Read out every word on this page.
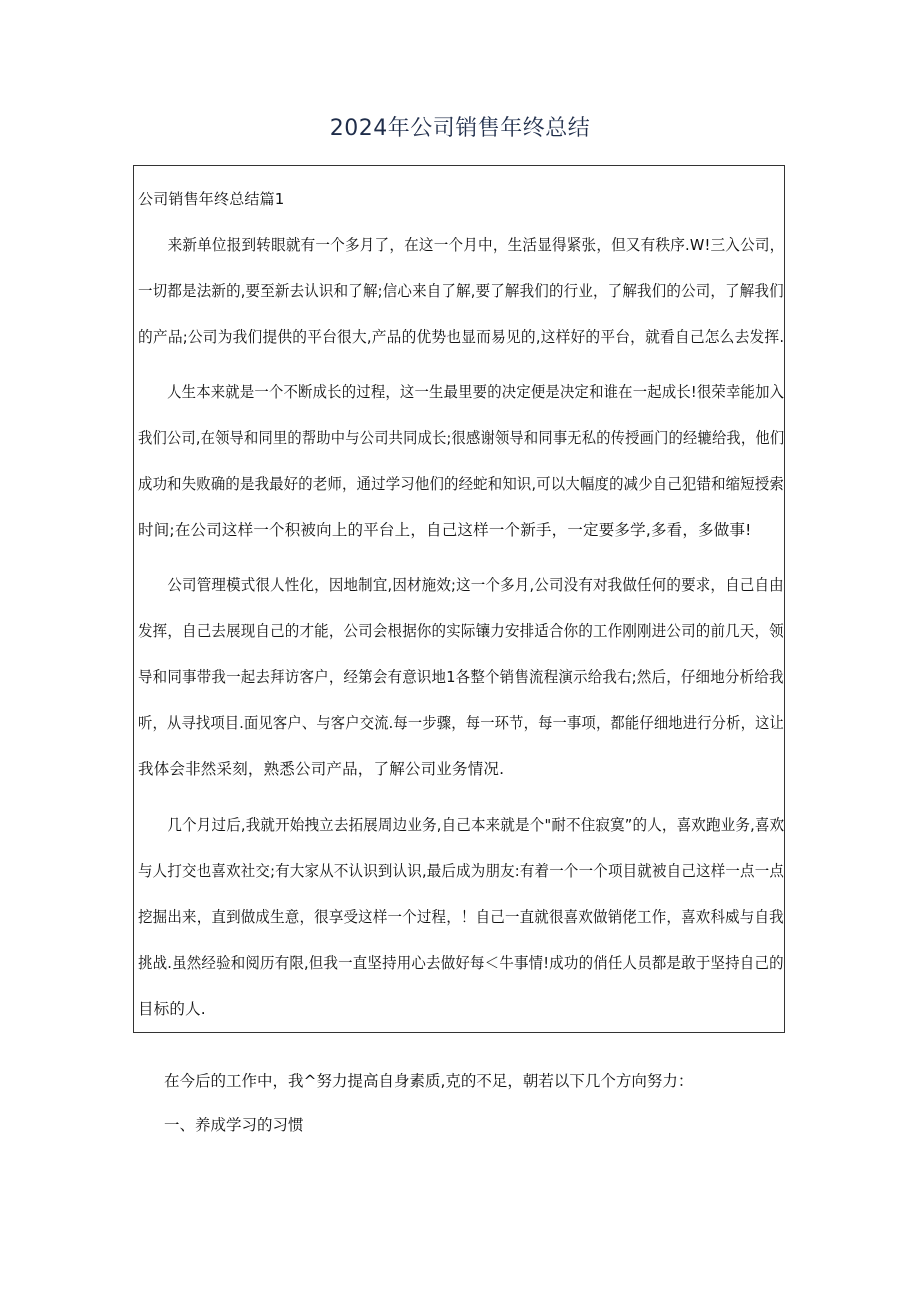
2024年公司销售年终总结
公司销售年终总结篇1
　　来新单位报到转眼就有一个多月了，在这一个月中，生活显得紧张，但又有秩序.W!三入公司，
一切都是法新的,要至新去认识和了解;信心来自了解,要了解我们的行业，了解我们的公司，了解我们
的产品;公司为我们提供的平台很大,产品的优势也显而易见的,这样好的平台，就看自己怎么去发挥.
　　人生本来就是一个不断成长的过程，这一生最里要的决定便是决定和谁在一起成长!很荣幸能加入
我们公司,在领导和同里的帮助中与公司共同成长;很感谢领导和同事无私的传授画门的经辘给我，他们
成功和失败确的是我最好的老师，通过学习他们的经蛇和知识,可以大幅度的减少自己犯错和缩短授索
时间;在公司这样一个积被向上的平台上，自己这样一个新手，一定要多学,多看，多做事!
　　公司管理模式很人性化，因地制宜,因材施效;这一个多月,公司没有对我做任何的要求，自己自由
发挥，自己去展现自己的才能，公司会根据你的实际镶力安排适合你的工作刚刚进公司的前几天，领
导和同事带我一起去拜访客户，经第会有意识地1各整个销售流程演示给我右;然后，仔细地分析给我
听，从寻找项目.面见客户、与客户交流.每一步骤，每一环节，每一事项，都能仔细地进行分析，这让
我体会非然采刻，熟悉公司产品，了解公司业务情况.
　　几个月过后,我就开始拽立去拓展周边业务,自己本来就是个"耐不住寂寞”的人，喜欢跑业务,喜欢
与人打交也喜欢社交;有大家从不认识到认识,最后成为朋友:有着一个一个项目就被自己这样一点一点
挖掘出来，直到做成生意，很享受这样一个过程，！自己一直就很喜欢做销佬工作，喜欢科威与自我
挑战.虽然经验和阅历有限,但我一直坚持用心去做好每＜牛事情!成功的俏任人员都是敢于坚持自己的
目标的人.
在今后的工作中，我^努力提高自身素质,克的不足，朝若以下几个方向努力：
一、养成学习的习惯
